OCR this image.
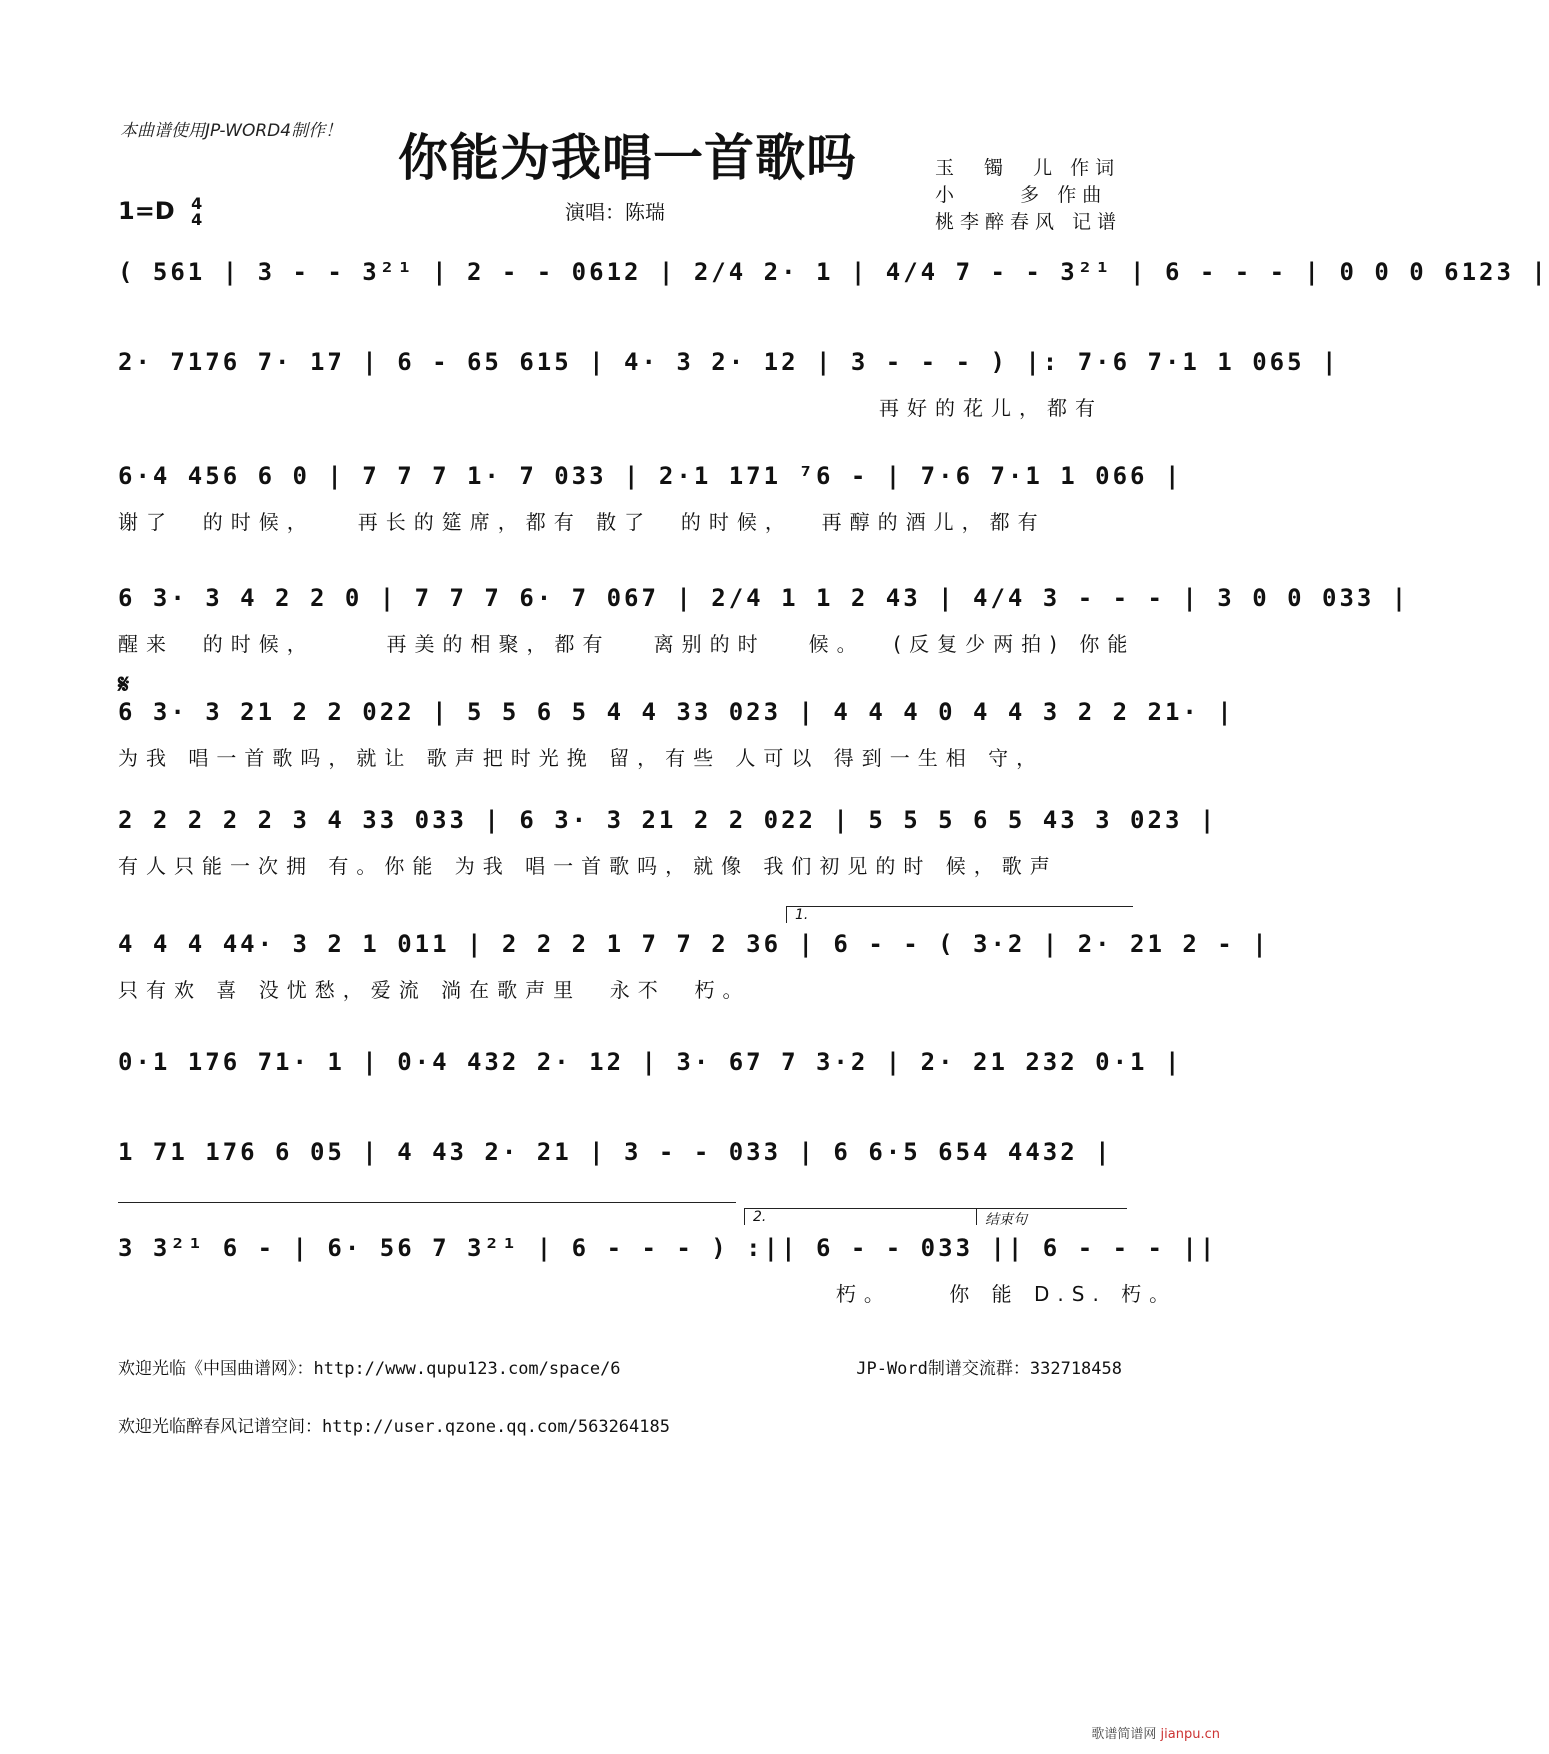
本曲谱使用JP-WORD4制作！ 你能为我唱一首歌吗	玉  镯  儿 作词
小     多 作曲
桃李醉春风 记谱
1=D 4
4	演唱：陈瑞
𝄋
( 561 | 3 - - 3²¹ | 2 - - 0612 | 2/4 2· 1 | 4/4 7 - - 3²¹ | 6 - - - | 0 0 0 6123 |
2· 7176 7· 17 | 6 - 65 615 | 4· 3 2· 12 | 3 - - - ) |: 7·6 7·1 1 065 |
再好的花儿，都有
6·4 456 6 0 | 7 7 7 1· 7 033 | 2·1 171 ⁷6 - | 7·6 7·1 1 066 |
谢了  的时候，   再长的筵席，都有 散了  的时候，  再醇的酒儿，都有
6 3· 3 4 2 2 0 | 7 7 7 6· 7 067 | 2/4 1 1 2 43 | 4/4 3 - - - | 3 0 0 033 |
醒来  的时候，     再美的相聚，都有   离别的时   候。  (反复少两拍) 你能
6 3· 3 21 2 2 022 | 5 5 6 5 4 4 33 023 | 4 4 4 0 4 4 3 2 2 21· |
为我 唱一首歌吗，就让 歌声把时光挽 留，有些 人可以 得到一生相 守，
2 2 2 2 2 3 4 33 033 | 6 3· 3 21 2 2 022 | 5 5 5 6 5 43 3 023 |
有人只能一次拥 有。你能 为我 唱一首歌吗，就像 我们初见的时 候，歌声
1.
4 4 4 44· 3 2 1 011 | 2 2 2 1 7 7 2 36 | 6 - - ( 3·2 | 2· 21 2 - |
只有欢 喜 没忧愁，爱流 淌在歌声里  永不  朽。
0·1 176 71· 1 | 0·4 432 2· 12 | 3· 67 7 3·2 | 2· 21 232 0·1 |
1 71 176 6 05 | 4 43 2· 21 | 3 - - 033 | 6 6·5 654 4432 |
2.	结束句
3 3²¹ 6 - | 6· 56 7 3²¹ | 6 - - - ) :|| 6 - - 033 || 6 - - - ||
朽。    你 能 D.S. 朽。
欢迎光临《中国曲谱网》：http://www.qupu123.com/space/6	JP-Word制谱交流群：332718458
欢迎光临醉春风记谱空间：http://user.qzone.qq.com/563264185
歌谱简谱网 jianpu.cn
